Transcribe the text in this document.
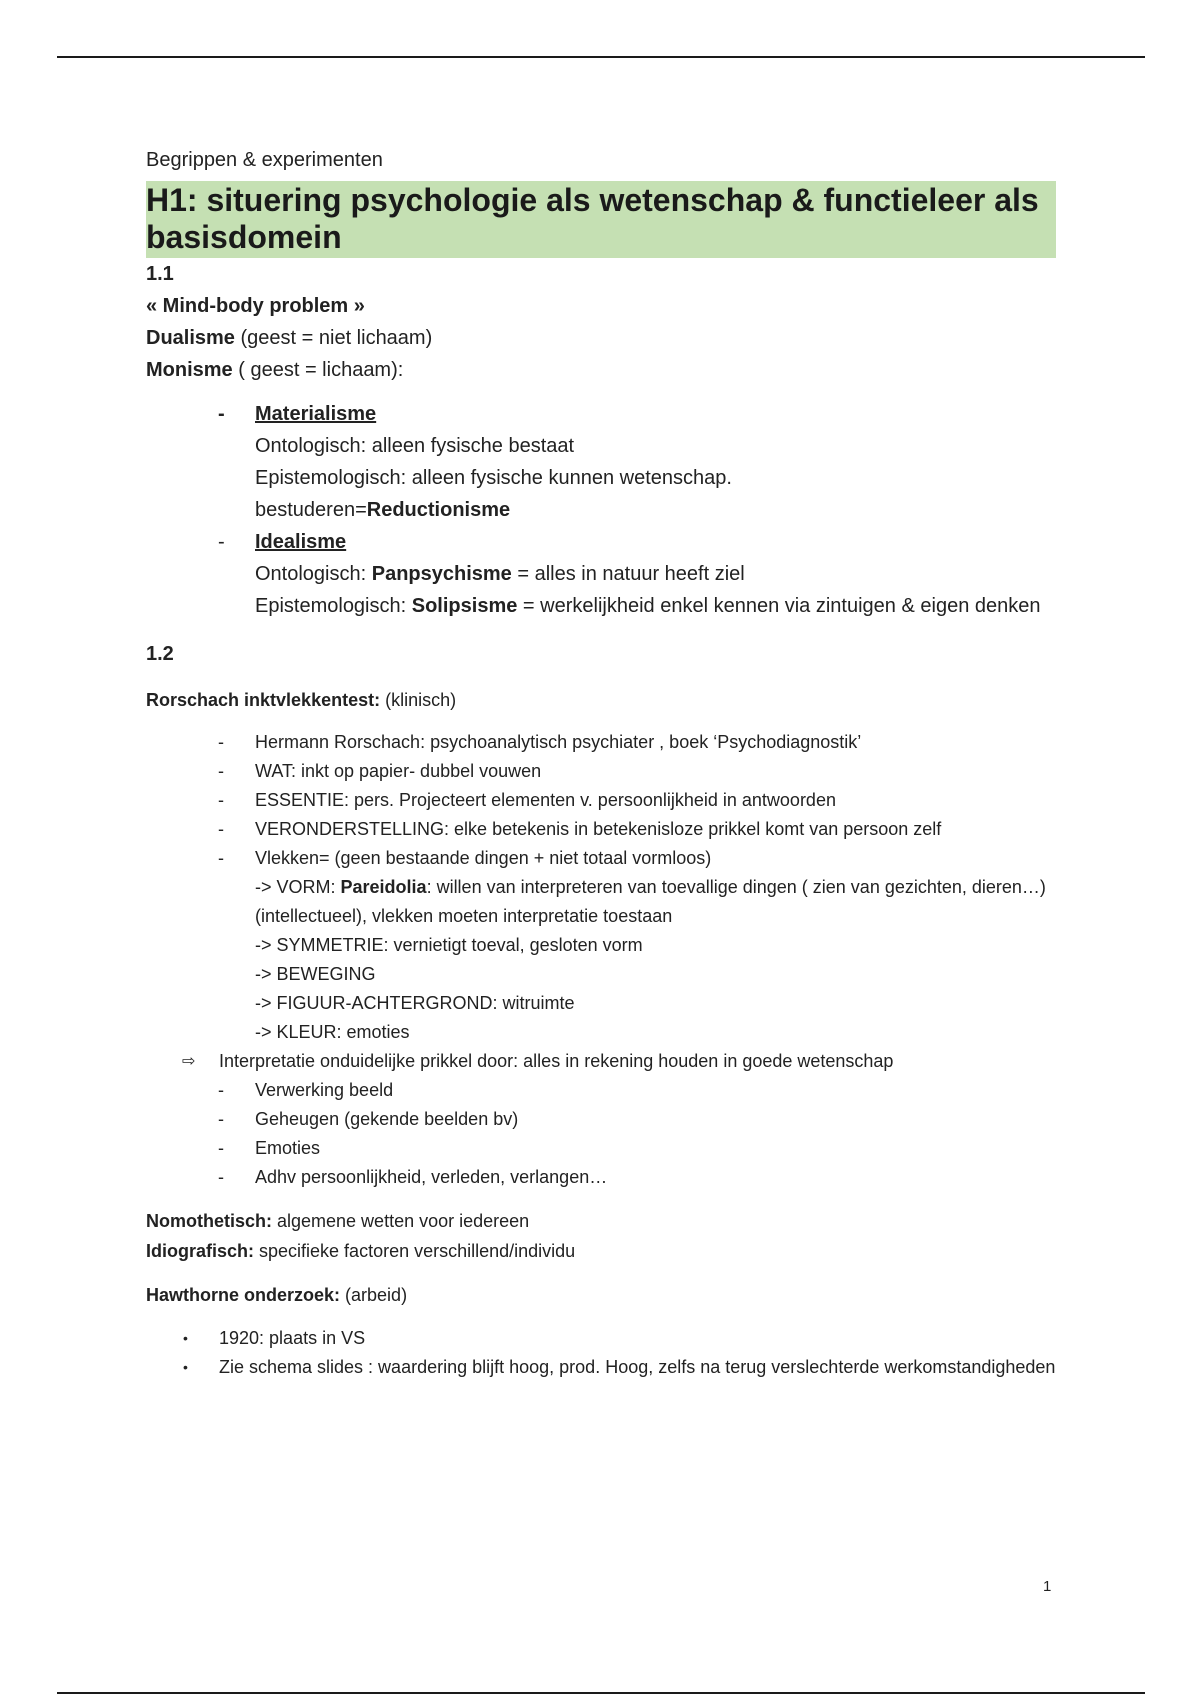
Begrippen & experimenten

H1: situering psychologie als wetenschap & functieleer als basisdomein

1.1

« Mind-body problem »

Dualisme (geest = niet lichaam)

Monisme ( geest = lichaam):

- Materialisme
Ontologisch: alleen fysische bestaat
Epistemologisch: alleen fysische kunnen wetenschap.
bestuderen=Reductionisme
- Idealisme
Ontologisch: Panpsychisme = alles in natuur heeft ziel
Epistemologisch: Solipsisme = werkelijkheid enkel kennen via zintuigen & eigen denken

1.2

Rorschach inktvlekkentest: (klinisch)

- Hermann Rorschach: psychoanalytisch psychiater , boek ‘Psychodiagnostik’
- WAT: inkt op papier- dubbel vouwen
- ESSENTIE: pers. Projecteert elementen v. persoonlijkheid in antwoorden
- VERONDERSTELLING: elke betekenis in betekenisloze prikkel komt van persoon zelf
- Vlekken= (geen bestaande dingen + niet totaal vormloos)
-> VORM: Pareidolia: willen van interpreteren van toevallige dingen ( zien van gezichten, dieren…) (intellectueel), vlekken moeten interpretatie toestaan
-> SYMMETRIE: vernietigt toeval, gesloten vorm
-> BEWEGING
-> FIGUUR-ACHTERGROND: witruimte
-> KLEUR: emoties
⇨ Interpretatie onduidelijke prikkel door: alles in rekening houden in goede wetenschap
- Verwerking beeld
- Geheugen (gekende beelden bv)
- Emoties
- Adhv persoonlijkheid, verleden, verlangen…

Nomothetisch: algemene wetten voor iedereen

Idiografisch: specifieke factoren verschillend/individu

Hawthorne onderzoek: (arbeid)

• 1920: plaats in VS
• Zie schema slides : waardering blijft hoog, prod. Hoog, zelfs na terug verslechterde werkomstandigheden
1
